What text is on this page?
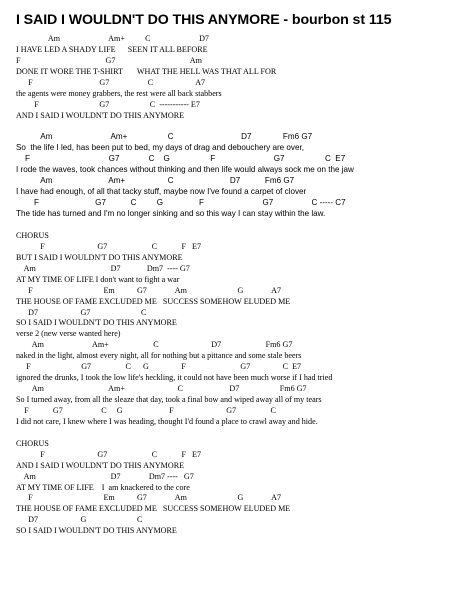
I SAID I WOULDN'T DO THIS ANYMORE - bourbon st 115
Am                        Am+          C                        D7
I HAVE LED A SHADY LIFE      SEEN IT ALL BEFORE
F                                          G7                                     Am
DONE IT WORE THE T-SHIRT       WHAT THE HELL WAS THAT ALL FOR
F                                 G7                   C                     A7
the agents were money grabbers, the rest were all back stabbers
F                              G7                    C  ----------- E7
AND I SAID I WOULDN'T DO THIS ANYMORE
Am                          Am+                  C                              D7              Fm6 G7
So  the life I led, has been put to bed, my days of drag and debouchery are over,
F                                   G7             C    G                  F                          G7                  C  E7
I rode the waves, took chances without thinking and then life would always sock me on the jaw
Am                         Am+                   C                         D7           Fm6 G7
I have had enough, of all that tacky stuff, maybe now I've found a carpet of clover
F                         G7           C         G                F                          G7                 C ----- C7
The tide has turned and I'm no longer sinking and so this way I can stay within the law.
CHORUS
F                          G7                      C            F   E7
BUT I SAID I WOULDN'T DO THIS ANYMORE
Am                                     D7             Dm7  ---- G7
AT MY TIME OF LIFE I don't want to fight a war
F                                   Em           G7              Am                         G              A7
THE HOUSE OF FAME EXCLUDED ME   SUCCESS SOMEHOW ELUDED ME
D7                     G7                         C
SO I SAID I WOULDN'T DO THIS ANYMORE
verse 2 (new verse wanted here)
Am                        Am+                      C                          D7                      Fm6 G7
naked in the light, almost every night, all for nothing but a pittance and some stale beers
F                         G7                 C      G                F                           G7                C  E7
ignored the drunks, I took the low life's heckling, it could not have been much worse if I had tried
Am                                Am+                          C                       D7                    Fm6 G7
So I turned away, from all the sleaze that day, took a final bow and wiped away all of my tears
F            G7                   C     G                       F                          G7                 C
I did not care, I knew where I was heading, thought I'd found a place to crawl away and hide.
CHORUS
F                          G7                      C            F   E7
AND I SAID I WOULDN'T DO THIS ANYMORE
Am                                     D7              Dm7 ----   G7
AT MY TIME OF LIFE    I  am knackered to the core
F                                   Em           G7              Am                         G              A7
THE HOUSE OF FAME EXCLUDED ME   SUCCESS SOMEHOW ELUDED ME
D7                     G                         C
SO I SAID I WOULDN'T DO THIS ANYMORE
